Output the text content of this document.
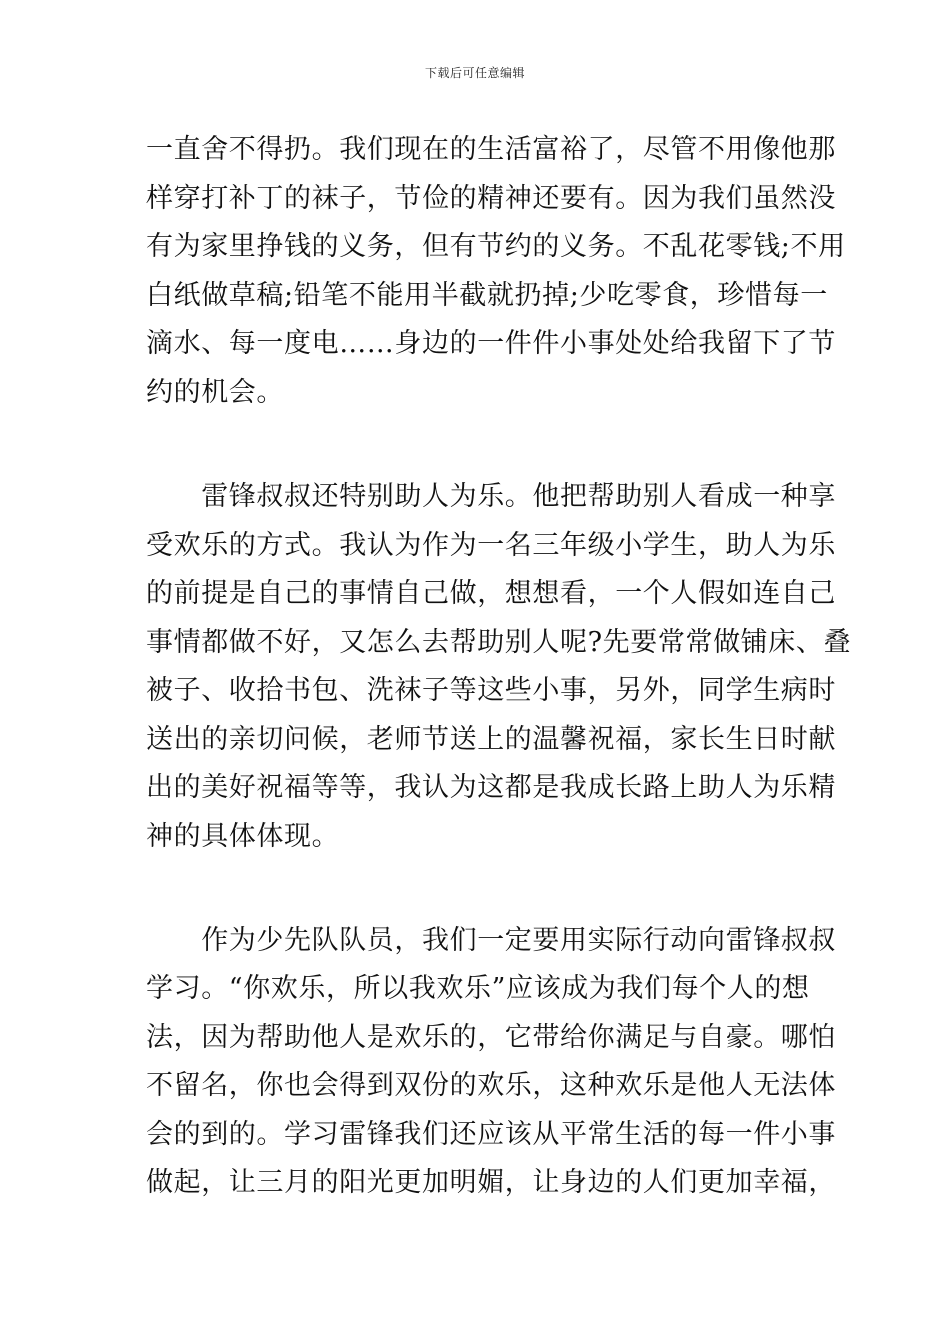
下载后可任意编辑
一直舍不得扔。我们现在的生活富裕了，尽管不用像他那
样穿打补丁的袜子，节俭的精神还要有。因为我们虽然没
有为家里挣钱的义务，但有节约的义务。不乱花零钱;不用
白纸做草稿;铅笔不能用半截就扔掉;少吃零食，珍惜每一
滴水、每一度电……身边的一件件小事处处给我留下了节
约的机会。
　　雷锋叔叔还特别助人为乐。他把帮助别人看成一种享
受欢乐的方式。我认为作为一名三年级小学生，助人为乐
的前提是自己的事情自己做，想想看，一个人假如连自己
事情都做不好，又怎么去帮助别人呢?先要常常做铺床、叠
被子、收拾书包、洗袜子等这些小事，另外，同学生病时
送出的亲切问候，老师节送上的温馨祝福，家长生日时献
出的美好祝福等等，我认为这都是我成长路上助人为乐精
神的具体体现。
　　作为少先队队员，我们一定要用实际行动向雷锋叔叔
学习。“你欢乐，所以我欢乐”应该成为我们每个人的想
法，因为帮助他人是欢乐的，它带给你满足与自豪。哪怕
不留名，你也会得到双份的欢乐，这种欢乐是他人无法体
会的到的。学习雷锋我们还应该从平常生活的每一件小事
做起，让三月的阳光更加明媚，让身边的人们更加幸福，
